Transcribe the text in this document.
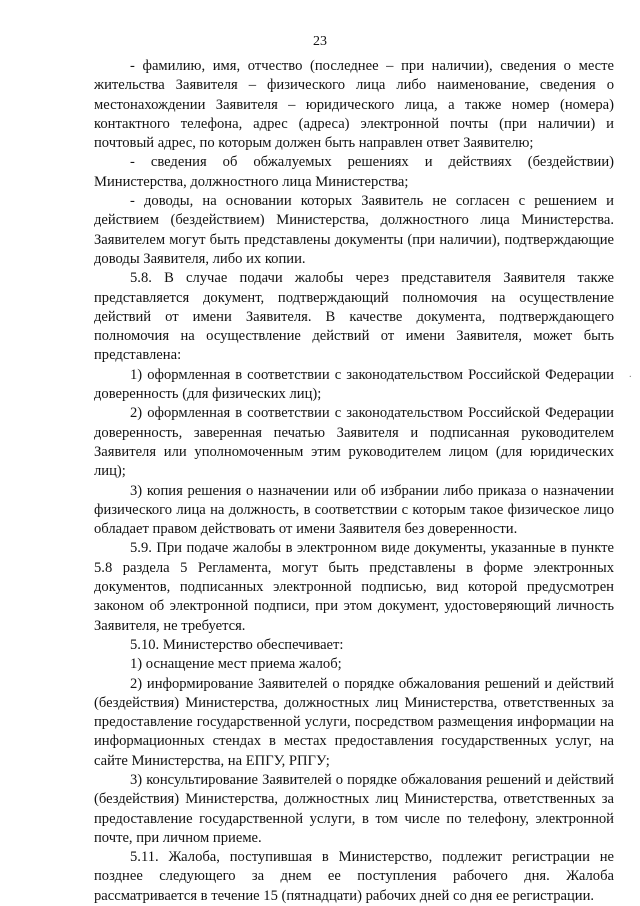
23

- фамилию, имя, отчество (последнее – при наличии), сведения о месте жительства Заявителя – физического лица либо наименование, сведения о местонахождении Заявителя – юридического лица, а также номер (номера) контактного телефона, адрес (адреса) электронной почты (при наличии) и почтовый адрес, по которым должен быть направлен ответ Заявителю;

- сведения об обжалуемых решениях и действиях (бездействии) Министерства, должностного лица Министерства;

- доводы, на основании которых Заявитель не согласен с решением и действием (бездействием) Министерства, должностного лица Министерства. Заявителем могут быть представлены документы (при наличии), подтверждающие доводы Заявителя, либо их копии.

5.8. В случае подачи жалобы через представителя Заявителя также представляется документ, подтверждающий полномочия на осуществление действий от имени Заявителя. В качестве документа, подтверждающего полномочия на осуществление действий от имени Заявителя, может быть представлена:

1) оформленная в соответствии с законодательством Российской Федерации доверенность (для физических лиц);

2) оформленная в соответствии с законодательством Российской Федерации доверенность, заверенная печатью Заявителя и подписанная руководителем Заявителя или уполномоченным этим руководителем лицом (для юридических лиц);

3) копия решения о назначении или об избрании либо приказа о назначении физического лица на должность, в соответствии с которым такое физическое лицо обладает правом действовать от имени Заявителя без доверенности.

5.9. При подаче жалобы в электронном виде документы, указанные в пункте 5.8 раздела 5 Регламента, могут быть представлены в форме электронных документов, подписанных электронной подписью, вид которой предусмотрен законом об электронной подписи, при этом документ, удостоверяющий личность Заявителя, не требуется.

5.10. Министерство обеспечивает:

1) оснащение мест приема жалоб;

2) информирование Заявителей о порядке обжалования решений и действий (бездействия) Министерства, должностных лиц Министерства, ответственных за предоставление государственной услуги, посредством размещения информации на информационных стендах в местах предоставления государственных услуг, на сайте Министерства, на ЕПГУ, РПГУ;

3) консультирование Заявителей о порядке обжалования решений и действий (бездействия) Министерства, должностных лиц Министерства, ответственных за предоставление государственной услуги, в том числе по телефону, электронной почте, при личном приеме.

5.11. Жалоба, поступившая в Министерство, подлежит регистрации не позднее следующего за днем ее поступления рабочего дня. Жалоба рассматривается в течение 15 (пятнадцати) рабочих дней со дня ее регистрации.

·
